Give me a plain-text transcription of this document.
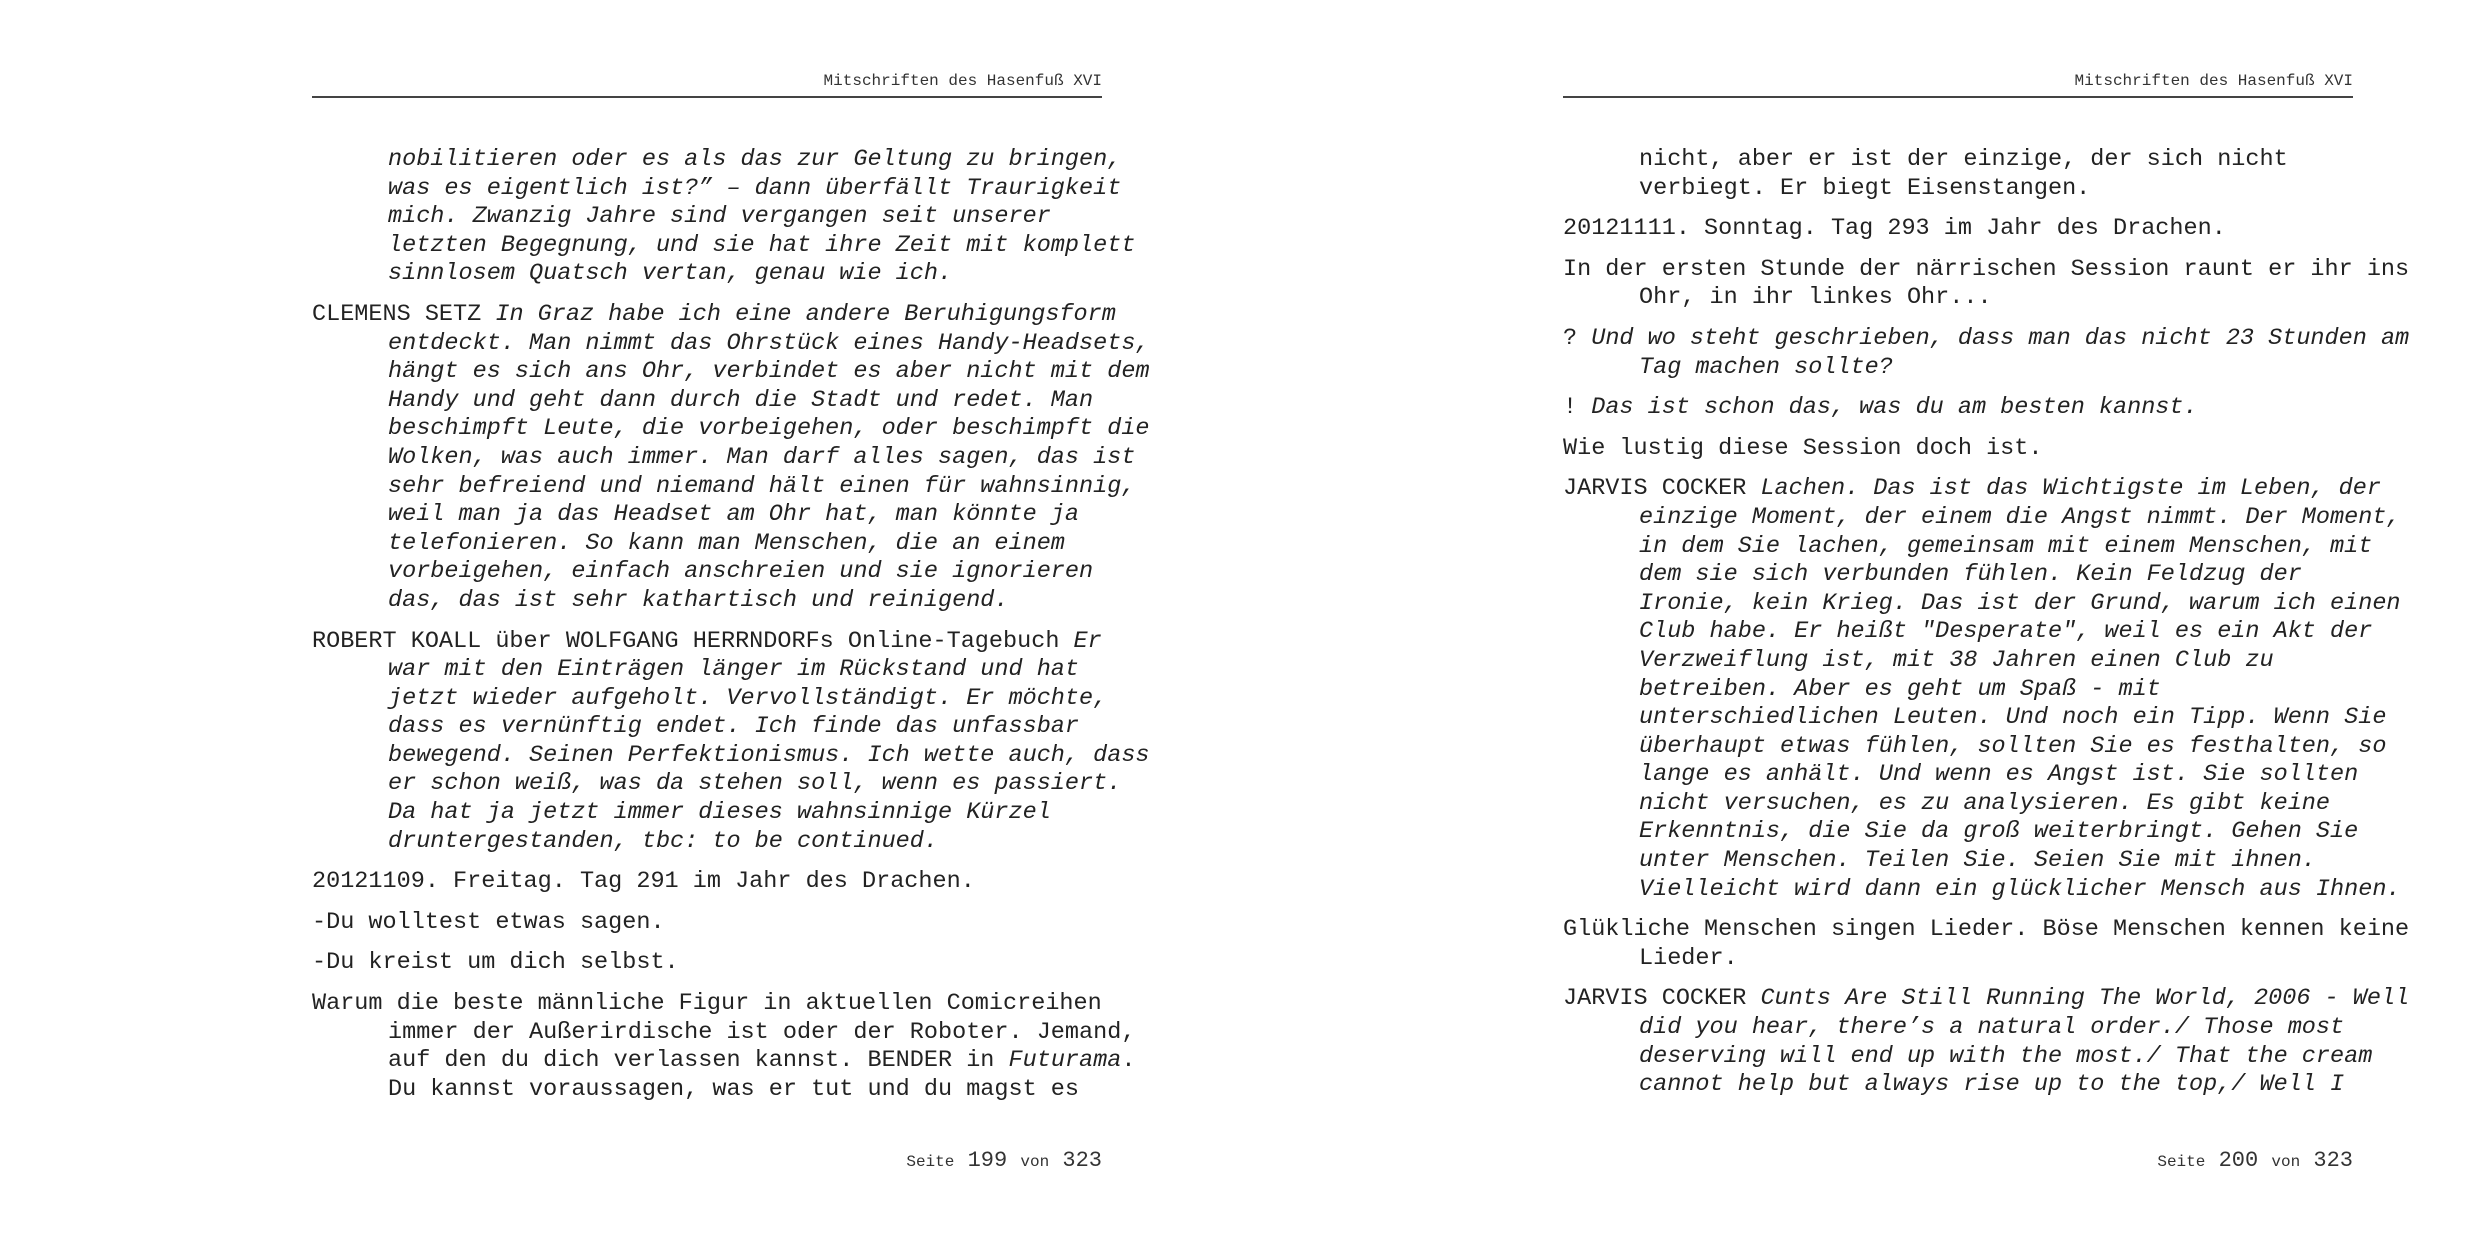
Mitschriften des Hasenfuß XVI
nobilitieren oder es als das zur Geltung zu bringen,
was es eigentlich ist?” – dann überfällt Traurigkeit
mich. Zwanzig Jahre sind vergangen seit unserer
letzten Begegnung, und sie hat ihre Zeit mit komplett
sinnlosem Quatsch vertan, genau wie ich.
CLEMENS SETZ In Graz habe ich eine andere Beruhigungsform
entdeckt. Man nimmt das Ohrstück eines Handy-Headsets,
hängt es sich ans Ohr, verbindet es aber nicht mit dem
Handy und geht dann durch die Stadt und redet. Man
beschimpft Leute, die vorbeigehen, oder beschimpft die
Wolken, was auch immer. Man darf alles sagen, das ist
sehr befreiend und niemand hält einen für wahnsinnig,
weil man ja das Headset am Ohr hat, man könnte ja
telefonieren. So kann man Menschen, die an einem
vorbeigehen, einfach anschreien und sie ignorieren
das, das ist sehr kathartisch und reinigend.
ROBERT KOALL über WOLFGANG HERRNDORFs Online-Tagebuch Er
war mit den Einträgen länger im Rückstand und hat
jetzt wieder aufgeholt. Vervollständigt. Er möchte,
dass es vernünftig endet. Ich finde das unfassbar
bewegend. Seinen Perfektionismus. Ich wette auch, dass
er schon weiß, was da stehen soll, wenn es passiert.
Da hat ja jetzt immer dieses wahnsinnige Kürzel
druntergestanden, tbc: to be continued.
20121109. Freitag. Tag 291 im Jahr des Drachen.
-Du wolltest etwas sagen.
-Du kreist um dich selbst.
Warum die beste männliche Figur in aktuellen Comicreihen
immer der Außerirdische ist oder der Roboter. Jemand,
auf den du dich verlassen kannst. BENDER in Futurama.
Du kannst voraussagen, was er tut und du magst es
Seite 199 von 323
Mitschriften des Hasenfuß XVI
nicht, aber er ist der einzige, der sich nicht
verbiegt. Er biegt Eisenstangen.
20121111. Sonntag. Tag 293 im Jahr des Drachen.
In der ersten Stunde der närrischen Session raunt er ihr ins
Ohr, in ihr linkes Ohr...
? Und wo steht geschrieben, dass man das nicht 23 Stunden am
Tag machen sollte?
! Das ist schon das, was du am besten kannst.
Wie lustig diese Session doch ist.
JARVIS COCKER Lachen. Das ist das Wichtigste im Leben, der
einzige Moment, der einem die Angst nimmt. Der Moment,
in dem Sie lachen, gemeinsam mit einem Menschen, mit
dem sie sich verbunden fühlen. Kein Feldzug der
Ironie, kein Krieg. Das ist der Grund, warum ich einen
Club habe. Er heißt "Desperate", weil es ein Akt der
Verzweiflung ist, mit 38 Jahren einen Club zu
betreiben. Aber es geht um Spaß - mit
unterschiedlichen Leuten. Und noch ein Tipp. Wenn Sie
überhaupt etwas fühlen, sollten Sie es festhalten, so
lange es anhält. Und wenn es Angst ist. Sie sollten
nicht versuchen, es zu analysieren. Es gibt keine
Erkenntnis, die Sie da groß weiterbringt. Gehen Sie
unter Menschen. Teilen Sie. Seien Sie mit ihnen.
Vielleicht wird dann ein glücklicher Mensch aus Ihnen.
Glükliche Menschen singen Lieder. Böse Menschen kennen keine
Lieder.
JARVIS COCKER Cunts Are Still Running The World, 2006 - Well
did you hear, there’s a natural order./ Those most
deserving will end up with the most./ That the cream
cannot help but always rise up to the top,/ Well I
Seite 200 von 323
